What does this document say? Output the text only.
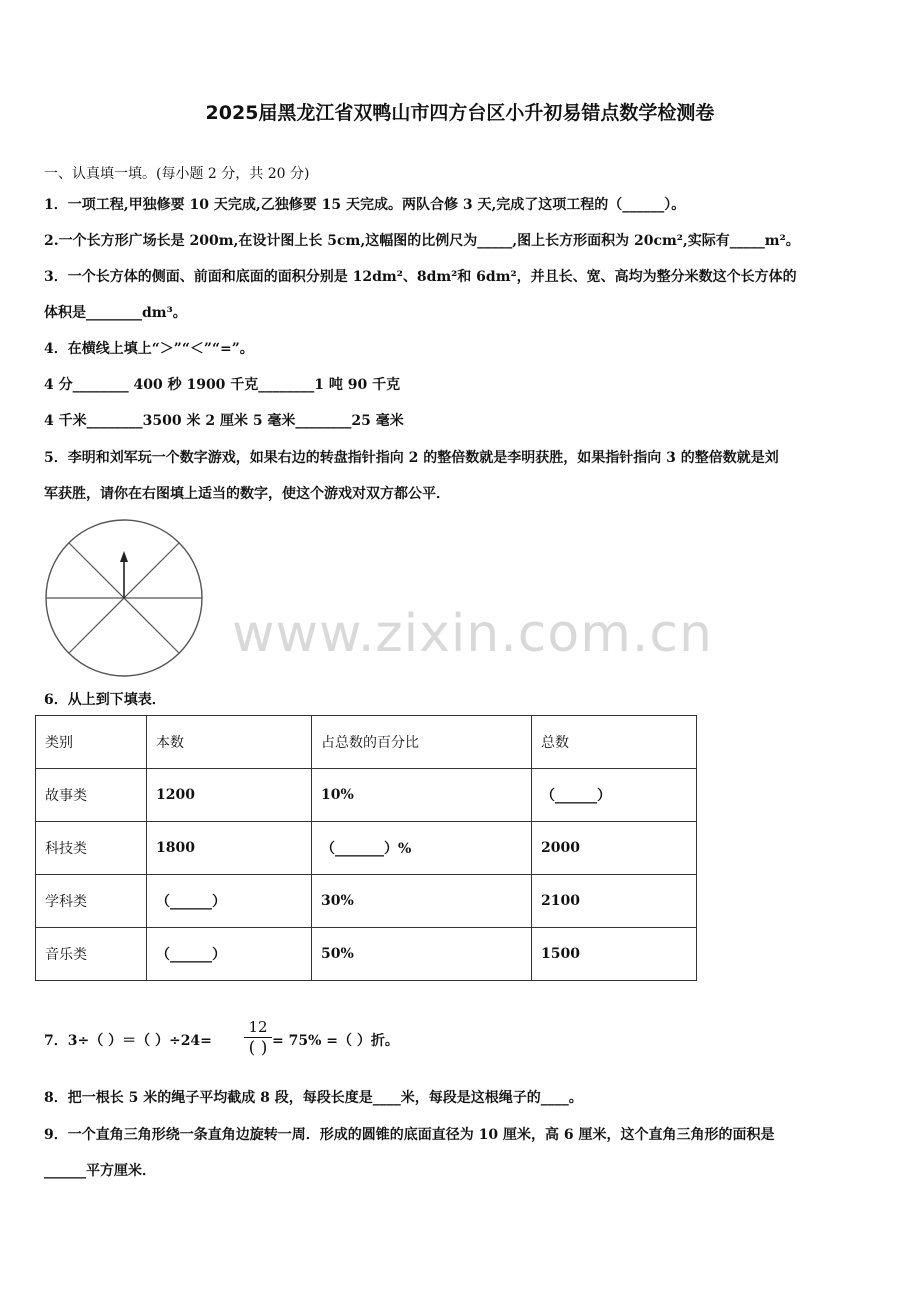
2025届黑龙江省双鸭山市四方台区小升初易错点数学检测卷
一、认真填一填。(每小题 2 分，共 20 分)
1．一项工程,甲独修要 10 天完成,乙独修要 15 天完成。两队合修 3 天,完成了这项工程的（______）。
2.一个长方形广场长是 200m,在设计图上长 5cm,这幅图的比例尺为_____,图上长方形面积为 20cm²,实际有_____m²。
3．一个长方体的侧面、前面和底面的面积分别是 12dm²、8dm²和 6dm²，并且长、宽、高均为整分米数这个长方体的
体积是________dm³。
4．在横线上填上“＞”“＜”“=”。
4 分________ 400 秒 1900 千克________1 吨 90 千克
4 千米________3500 米 2 厘米 5 毫米________25 毫米
5．李明和刘军玩一个数字游戏，如果右边的转盘指针指向 2 的整倍数就是李明获胜，如果指针指向 3 的整倍数就是刘
军获胜，请你在右图填上适当的数字，使这个游戏对双方都公平．
www.zixin.com.cn
6．从上到下填表．
类别	本数	占总数的百分比	总数
故事类	1200	10%	（______）
科技类	1800	（_______）%	2000
学科类	（______）	30%	2100
音乐类	（______）	50%	1500
7．3÷（ ）＝（ ）÷24=
12
( ) = 75% =（ ）折。
8．把一根长 5 米的绳子平均截成 8 段，每段长度是____米，每段是这根绳子的____。
9．一个直角三角形绕一条直角边旋转一周．形成的圆锥的底面直径为 10 厘米，高 6 厘米，这个直角三角形的面积是
______平方厘米．
